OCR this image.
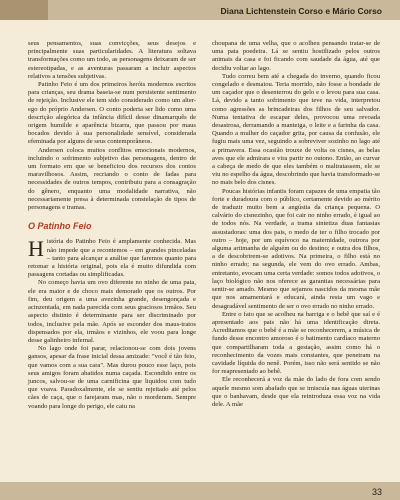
Diana Lichtenstein Corso e Mário Corso

seus pensamentos, suas convicções, seus desejos e principalmente suas particularidades. A literatura soltava transformações como um todo, as personagens deixaram de ser estereotipadas, e as aventuras passaram a incluir aspectos relativos a tensões subjetivas.

Patinho Feio é um dos primeiros heróis modernos escritos para crianças, seu drama baseia-se num persistente sentimento de rejeição. Inclusive ele tem sido considerado como um alter-ego do próprio Andersen. O conto poderia ser lido como uma descrição alegórica da infância difícil desse dinamarquês de origem humilde e aparência bizarra, que passou por maus bocados devido à sua personalidade sensível, considerada efeminada por alguns de seus contemporâneos.

Andersen coloca muitos conflitos emocionais modernos, incluindo o sofrimento subjetivo das personagens, dentro de um formato em que se beneficiou dos recursos dos contos maravilhosos. Assim, recriando o conto de fadas para necessidades de outros tempos, contribuiu para a consagração do gênero, enquanto uma modalidade narrativa, não necessariamente presa à determinada constelação de tipos de personagens e tramas.

O Patinho Feio

História do Patinho Feio é amplamente conhecida. Mas não impede que a recontemos – em grandes pinceladas – tanto para alcançar a análise que faremos quanto para retomar a história original, pois ela é muito difundida com passagens cortadas ou simplificadas.

No começo havia um ovo diferente no ninho de uma pata, ele era maior e de choco mais demorado que os outros. Por fim, deu origem a uma avezinha grande, desengonçada e acinzentada, em nada parecida com seus graciosos irmãos. Seu aspecto distinto é determinante para ser discriminado por todos, inclusive pela mãe. Após se esconder dos maus-tratos dispensados por ela, irmãos e vizinhos, ele voou para longe desse galinheiro infernal.

No lago onde foi parar, relacionou-se com dois jovens gansos, apesar da frase inicial dessa amizade: "você é tão feio, que vamos com a sua cara". Mas durou pouco esse laço, pois seus amigos foram abatidos numa caçada. Escondido entre os juncos, salvou-se de uma carnificina que liquidou com tudo que voava. Paradoxalmente, ele se sentiu rejeitado até pelos cães de caça, que o farejaram mas, não o morderam. Sempre voando para longe do perigo, ele caiu na

choupana de uma velha, que o acolheu pensando tratar-se de uma pata poedeira. Lá se sentiu hostilizado pelos outros animais da casa e foi ficando com saudade da água, até que decidiu voltar ao lago.

Tudo correu bem até a chegada do inverno, quando ficou congelado e desmaiou. Teria morrido, não fosse a bondade de um caçador que o desenterrou do gelo e o levou para sua casa. Lá, devido a tanto sofrimento que teve na vida, interpretou como agressões as brincadeiras dos filhos de seu salvador. Numa tentativa de escapar deles, provocou uma revoada desastrosa, derramando a manteiga, o leite e a farinha da casa. Quando a mulher do caçador grita, por causa da confusão, ele fugiu mais uma vez, seguindo a sobreviver sozinho no lago até a primavera. Essa ocasião trouxe de volta os cisnes, as belas aves que ele admirara e vira partir no outono. Então, ao curvar a cabeça de medo de que eles também o maltratassem, ele se viu no espelho da água, descobrindo que havia transformado-se no mais belo dos cisnes.

Poucas histórias infantis foram capazes de uma empatia tão forte e duradoura com o público, certamente devido ao mérito de traduzir muito bem a angústia da criança pequena. O calvário do cisnezinho, que foi cair no ninho errado, é igual ao de todos nós. Na verdade, a trama sintetiza duas fantasias assustadoras: uma dos pais, o medo de ter o filho trocado por outro – hoje, por um equívoco na maternidade, outrora por alguma artimanha de alguém ou do destino; e outra dos filhos, a de descobrirem-se adotivos. Na primeira, o filho está no ninho errado; na segunda, ele vem do ovo errado. Ambas, entretanto, evocam uma certa verdade: somos todos adotivos, o laço biológico não nos oferece as garantias necessárias para sentir-se amado. Mesmo que sejamos nascidos da mesma mãe que nos amamentará e educará, ainda resta um vago e desagradável sentimento de ser o ovo errado no ninho errado.

Entre o fato que se acolheu na barriga e o bebê que saí e é apresentado aos pais não há uma identificação direta. Acreditamos que o bebê é a mãe se reconhecerem, a música de fundo desse encontro amoroso é o batimento cardíaco materno que compartilharam toda a gestação, assim como há o reconhecimento da vozes mais constantes, que penetram na cavidade líquida do nenê. Porém, isso não será sentido se não for reapresentado ao bebê.

Ele reconhecerá a voz da mãe do lado de fora com sendo aquele mesmo som abafado que se imiscuía nas águas uterinas que o banhavam, desde que ela reintroduza essa voz na vida dele. A mãe

33
